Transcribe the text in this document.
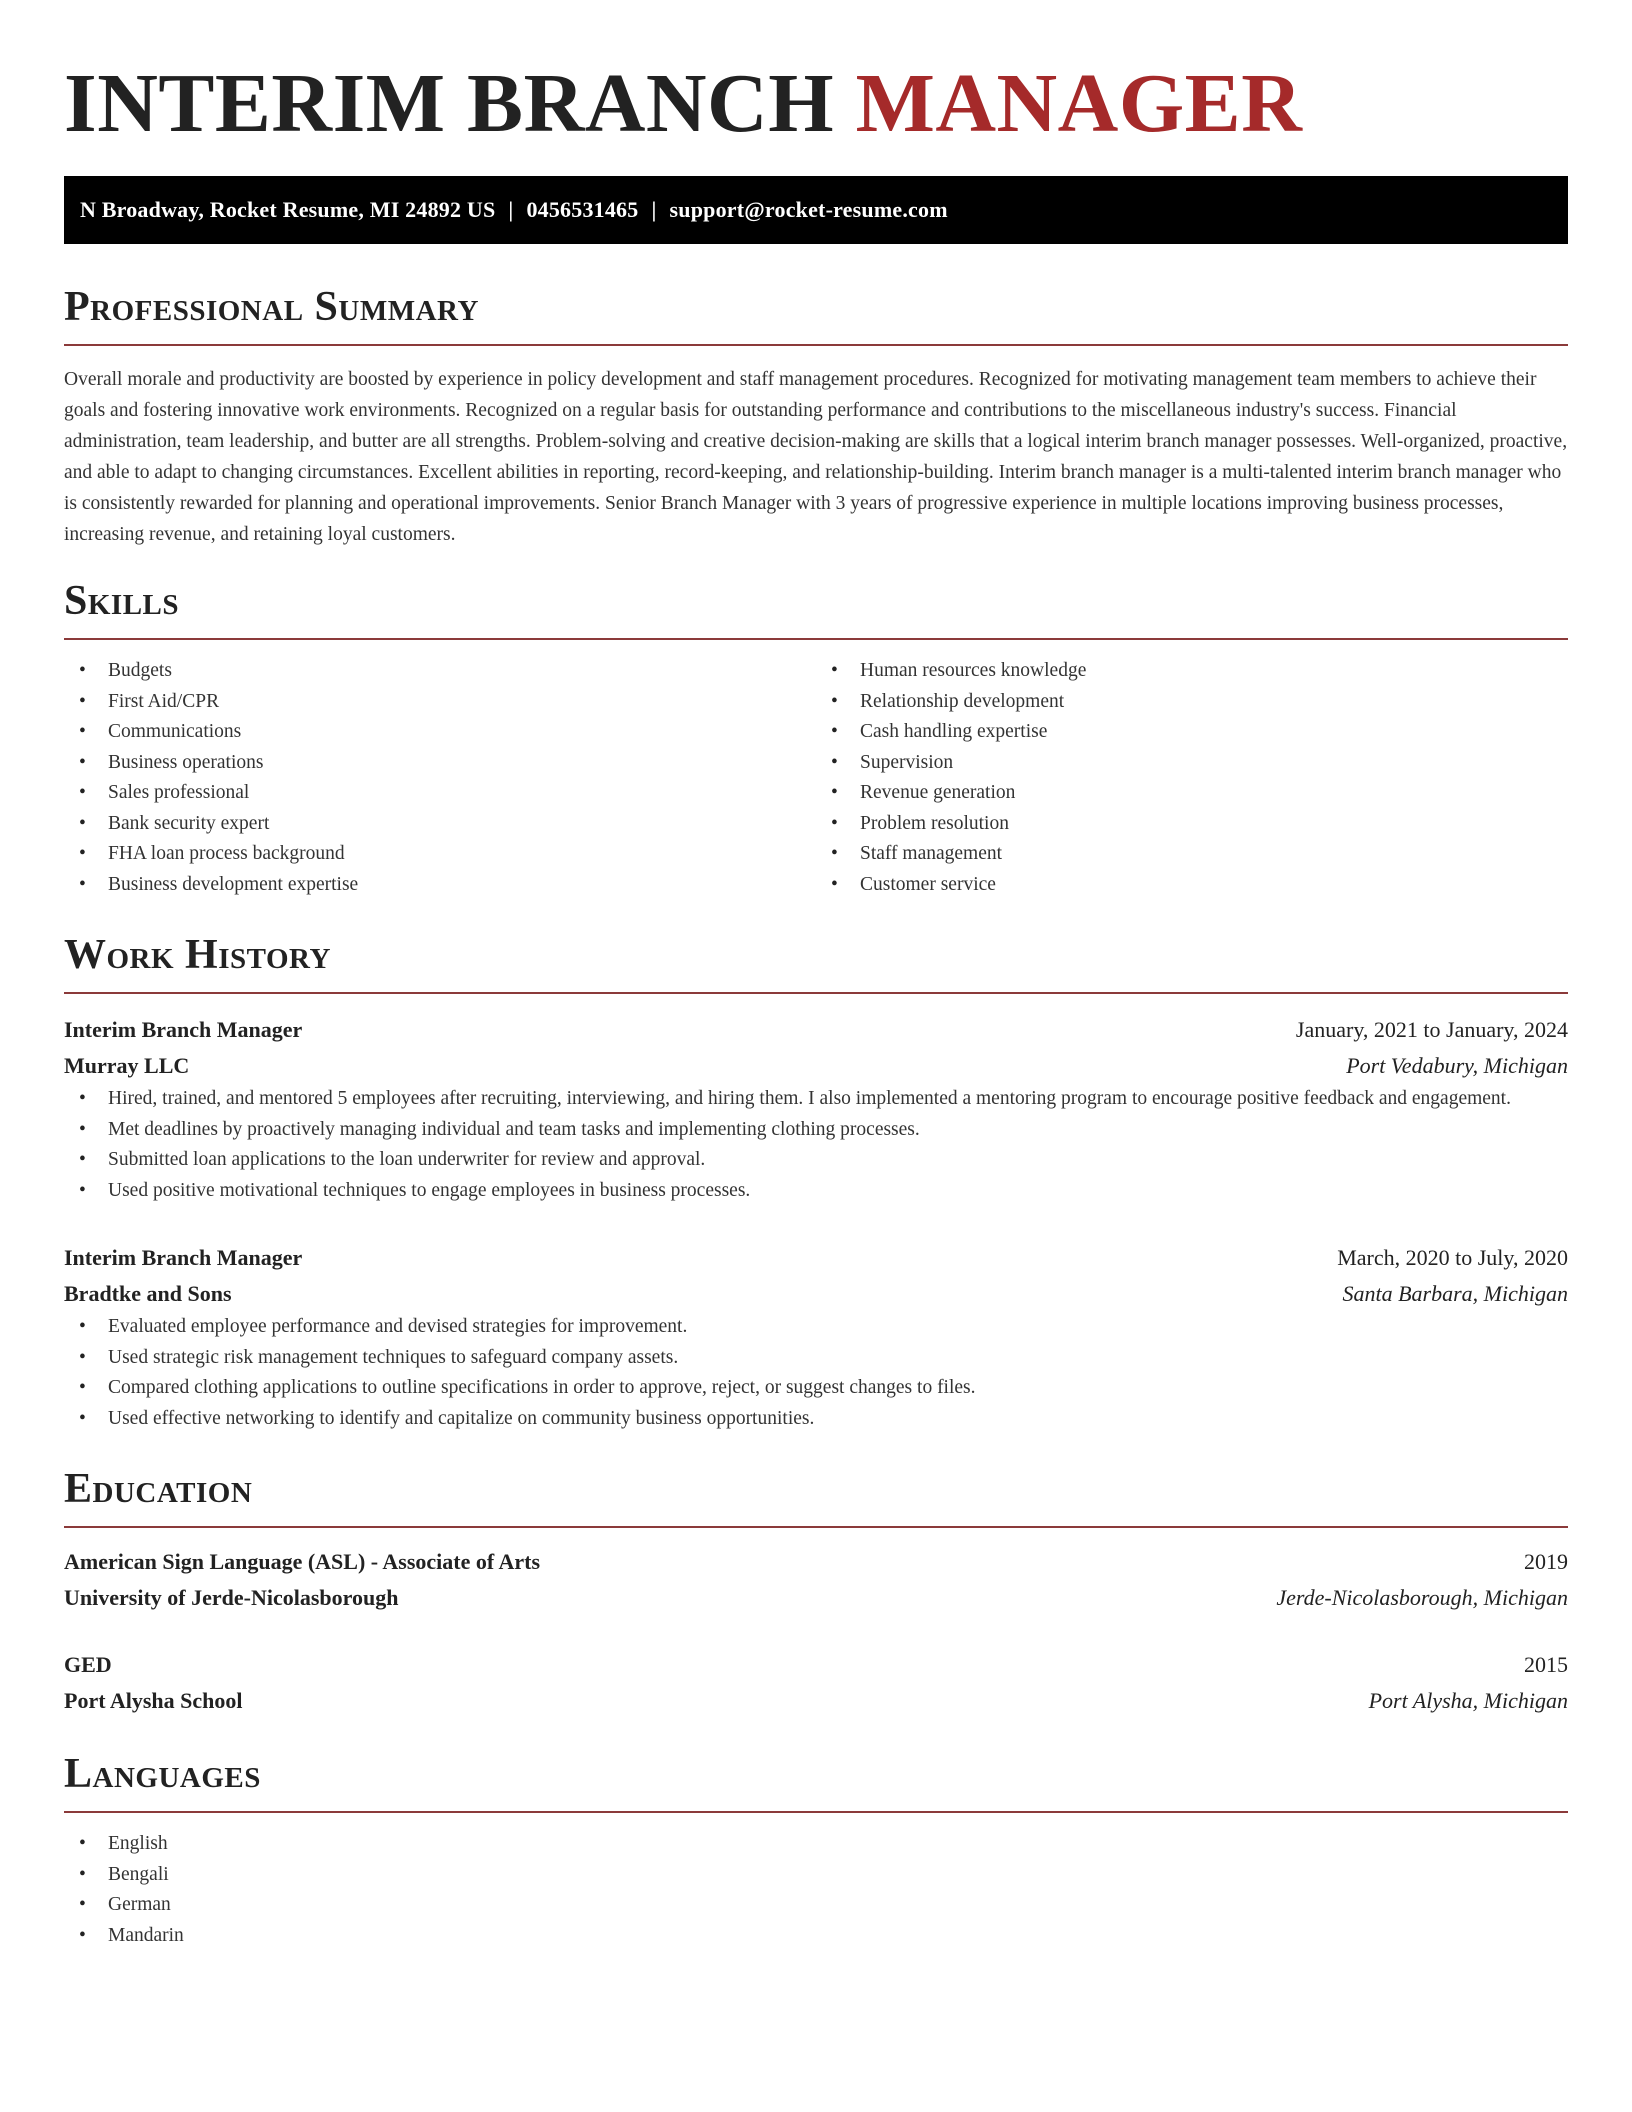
INTERIM BRANCH MANAGER
N Broadway, Rocket Resume, MI 24892 US | 0456531465 | support@rocket-resume.com
Professional Summary

Overall morale and productivity are boosted by experience in policy development and staff management procedures. Recognized for motivating management team members to achieve their goals and fostering innovative work environments. Recognized on a regular basis for outstanding performance and contributions to the miscellaneous industry's success. Financial administration, team leadership, and butter are all strengths. Problem-solving and creative decision-making are skills that a logical interim branch manager possesses. Well-organized, proactive, and able to adapt to changing circumstances. Excellent abilities in reporting, record-keeping, and relationship-building. Interim branch manager is a multi-talented interim branch manager who is consistently rewarded for planning and operational improvements. Senior Branch Manager with 3 years of progressive experience in multiple locations improving business processes, increasing revenue, and retaining loyal customers.

Skills
• Budgets
• First Aid/CPR
• Communications
• Business operations
• Sales professional
• Bank security expert
• FHA loan process background
• Business development expertise
• Human resources knowledge
• Relationship development
• Cash handling expertise
• Supervision
• Revenue generation
• Problem resolution
• Staff management
• Customer service
Work History
Interim Branch Manager	January, 2021 to January, 2024
Murray LLC	Port Vedabury, Michigan
• Hired, trained, and mentored 5 employees after recruiting, interviewing, and hiring them. I also implemented a mentoring program to encourage positive feedback and engagement.
• Met deadlines by proactively managing individual and team tasks and implementing clothing processes.
• Submitted loan applications to the loan underwriter for review and approval.
• Used positive motivational techniques to engage employees in business processes.
Interim Branch Manager	March, 2020 to July, 2020
Bradtke and Sons	Santa Barbara, Michigan
• Evaluated employee performance and devised strategies for improvement.
• Used strategic risk management techniques to safeguard company assets.
• Compared clothing applications to outline specifications in order to approve, reject, or suggest changes to files.
• Used effective networking to identify and capitalize on community business opportunities.
Education
American Sign Language (ASL) - Associate of Arts	2019
University of Jerde-Nicolasborough	Jerde-Nicolasborough, Michigan
GED	2015
Port Alysha School	Port Alysha, Michigan
Languages
• English
• Bengali
• German
• Mandarin
